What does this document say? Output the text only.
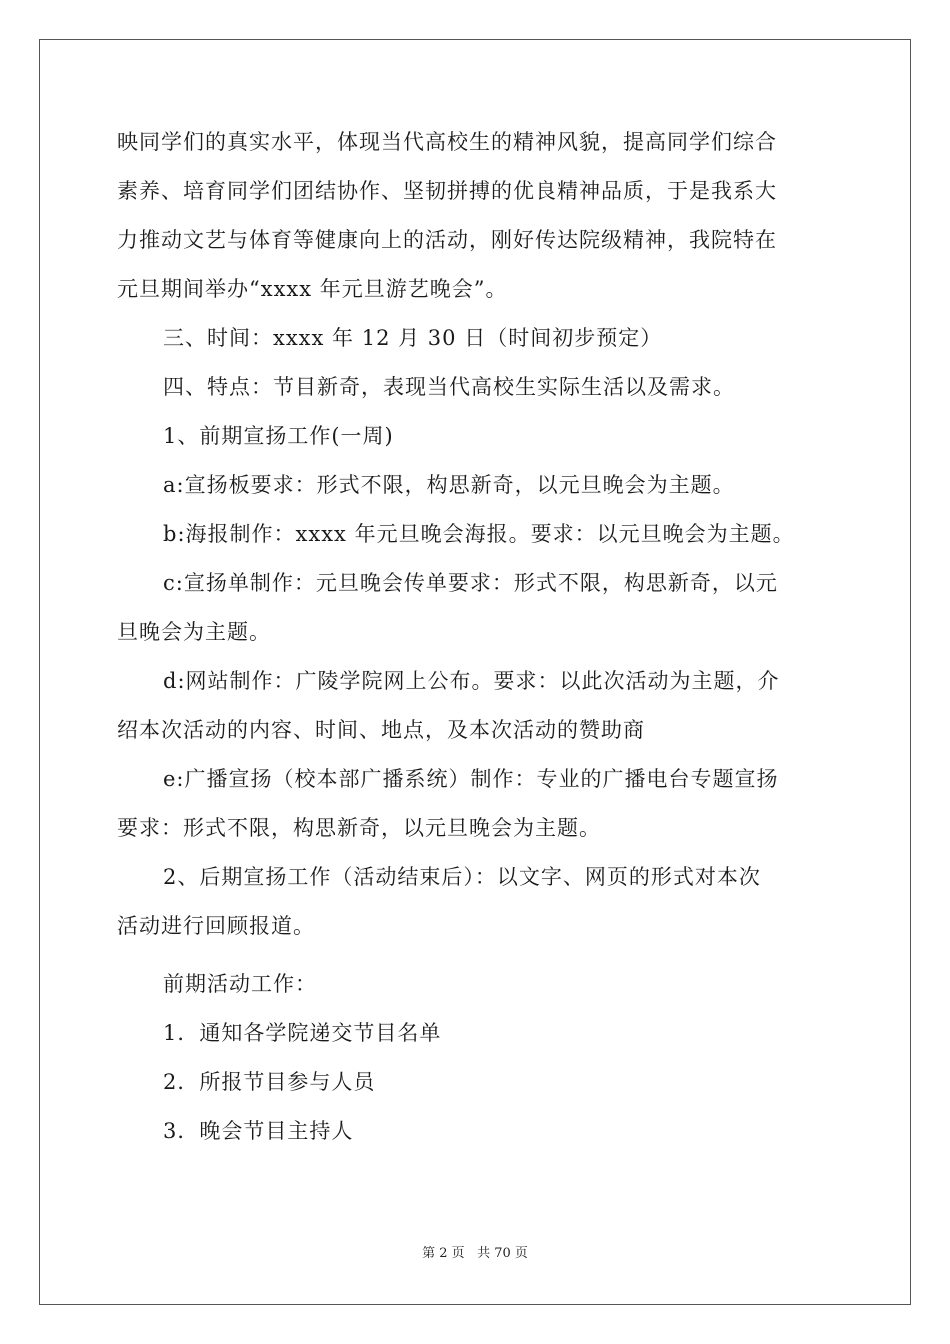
映同学们的真实水平，体现当代高校生的精神风貌，提高同学们综合
素养、培育同学们团结协作、坚韧拼搏的优良精神品质，于是我系大
力推动文艺与体育等健康向上的活动，刚好传达院级精神，我院特在
元旦期间举办“xxxx 年元旦游艺晚会”。
三、时间：xxxx 年 12 月 30 日（时间初步预定）
四、特点：节目新奇，表现当代高校生实际生活以及需求。
1、前期宣扬工作(一周)
a:宣扬板要求：形式不限，构思新奇，以元旦晚会为主题。
b:海报制作：xxxx 年元旦晚会海报。要求：以元旦晚会为主题。
c:宣扬单制作：元旦晚会传单要求：形式不限，构思新奇，以元
旦晚会为主题。
d:网站制作：广陵学院网上公布。要求：以此次活动为主题，介
绍本次活动的内容、时间、地点，及本次活动的赞助商
e:广播宣扬（校本部广播系统）制作：专业的广播电台专题宣扬
要求：形式不限，构思新奇，以元旦晚会为主题。
2、后期宣扬工作（活动结束后）：以文字、网页的形式对本次
活动进行回顾报道。
前期活动工作：
1．通知各学院递交节目名单
2．所报节目参与人员
3．晚会节目主持人
第 2 页 共 70 页
